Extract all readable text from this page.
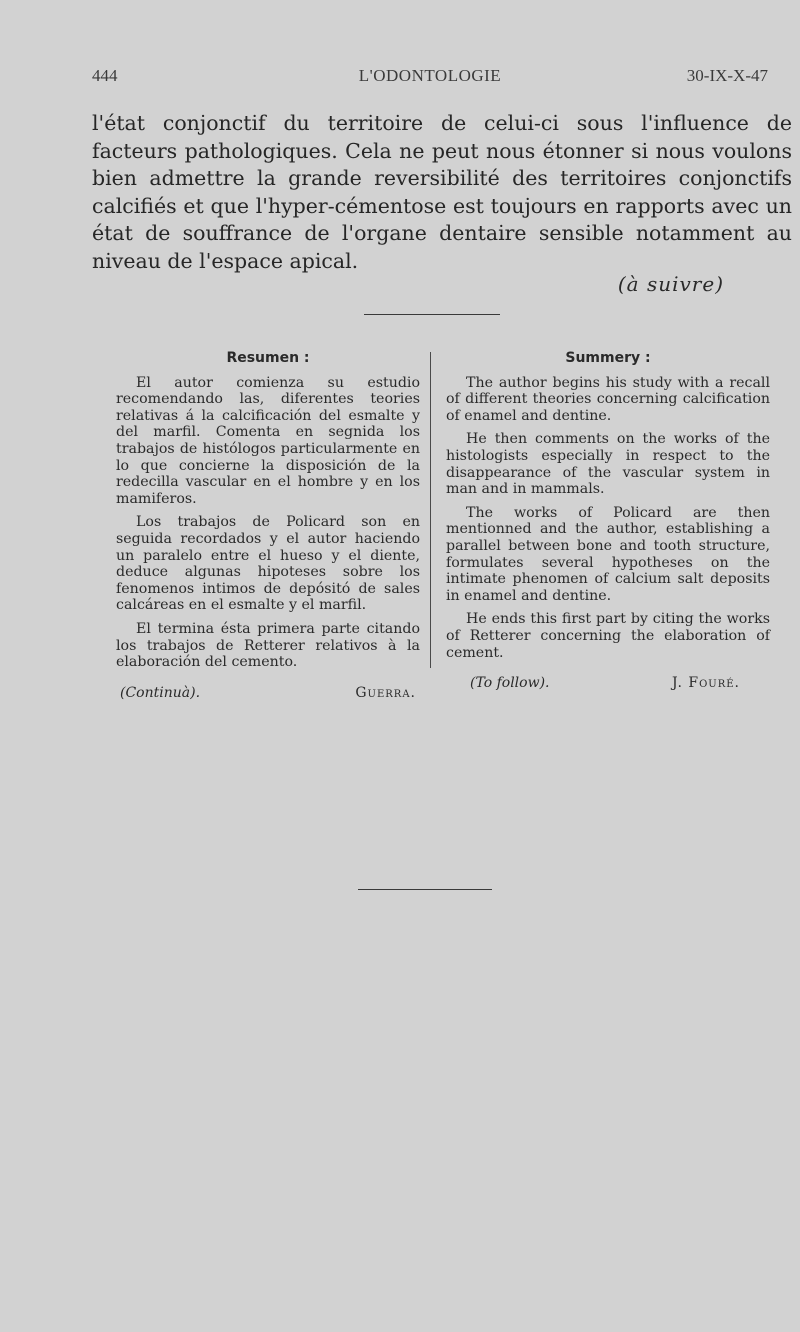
444	L'ODONTOLOGIE	30-IX-X-47

l'état conjonctif du territoire de celui-ci sous l'influence de facteurs pathologiques. Cela ne peut nous étonner si nous voulons bien admettre la grande reversibilité des territoires conjonctifs calcifiés et que l'hyper-cémentose est toujours en rapports avec un état de souffrance de l'organe dentaire sensible notamment au niveau de l'espace apical.

(à suivre)
Resumen :

El autor comienza su estudio recomendando las, diferentes teories relativas á la calcificación del esmalte y del marfil. Comenta en segnida los trabajos de histólogos particularmente en lo que concierne la disposición de la redecilla vascular en el hombre y en los mamiferos.

Los trabajos de Policard son en seguida recordados y el autor haciendo un paralelo entre el hueso y el diente, deduce algunas hipoteses sobre los fenomenos intimos de depósitó de sales calcáreas en el esmalte y el marfil.

El termina ésta primera parte citando los trabajos de Retterer relativos à la elaboración del cemento.

(Continuà).	Guerra.
Summery :

The author begins his study with a recall of different theories concerning calcification of enamel and dentine.

He then comments on the works of the histologists especially in respect to the disappearance of the vascular system in man and in mammals.

The works of Policard are then mentionned and the author, establishing a parallel between bone and tooth structure, formulates several hypotheses on the intimate phenomen of calcium salt deposits in enamel and dentine.

He ends this first part by citing the works of Retterer concerning the elaboration of cement.

(To follow).	J. Fouré.
